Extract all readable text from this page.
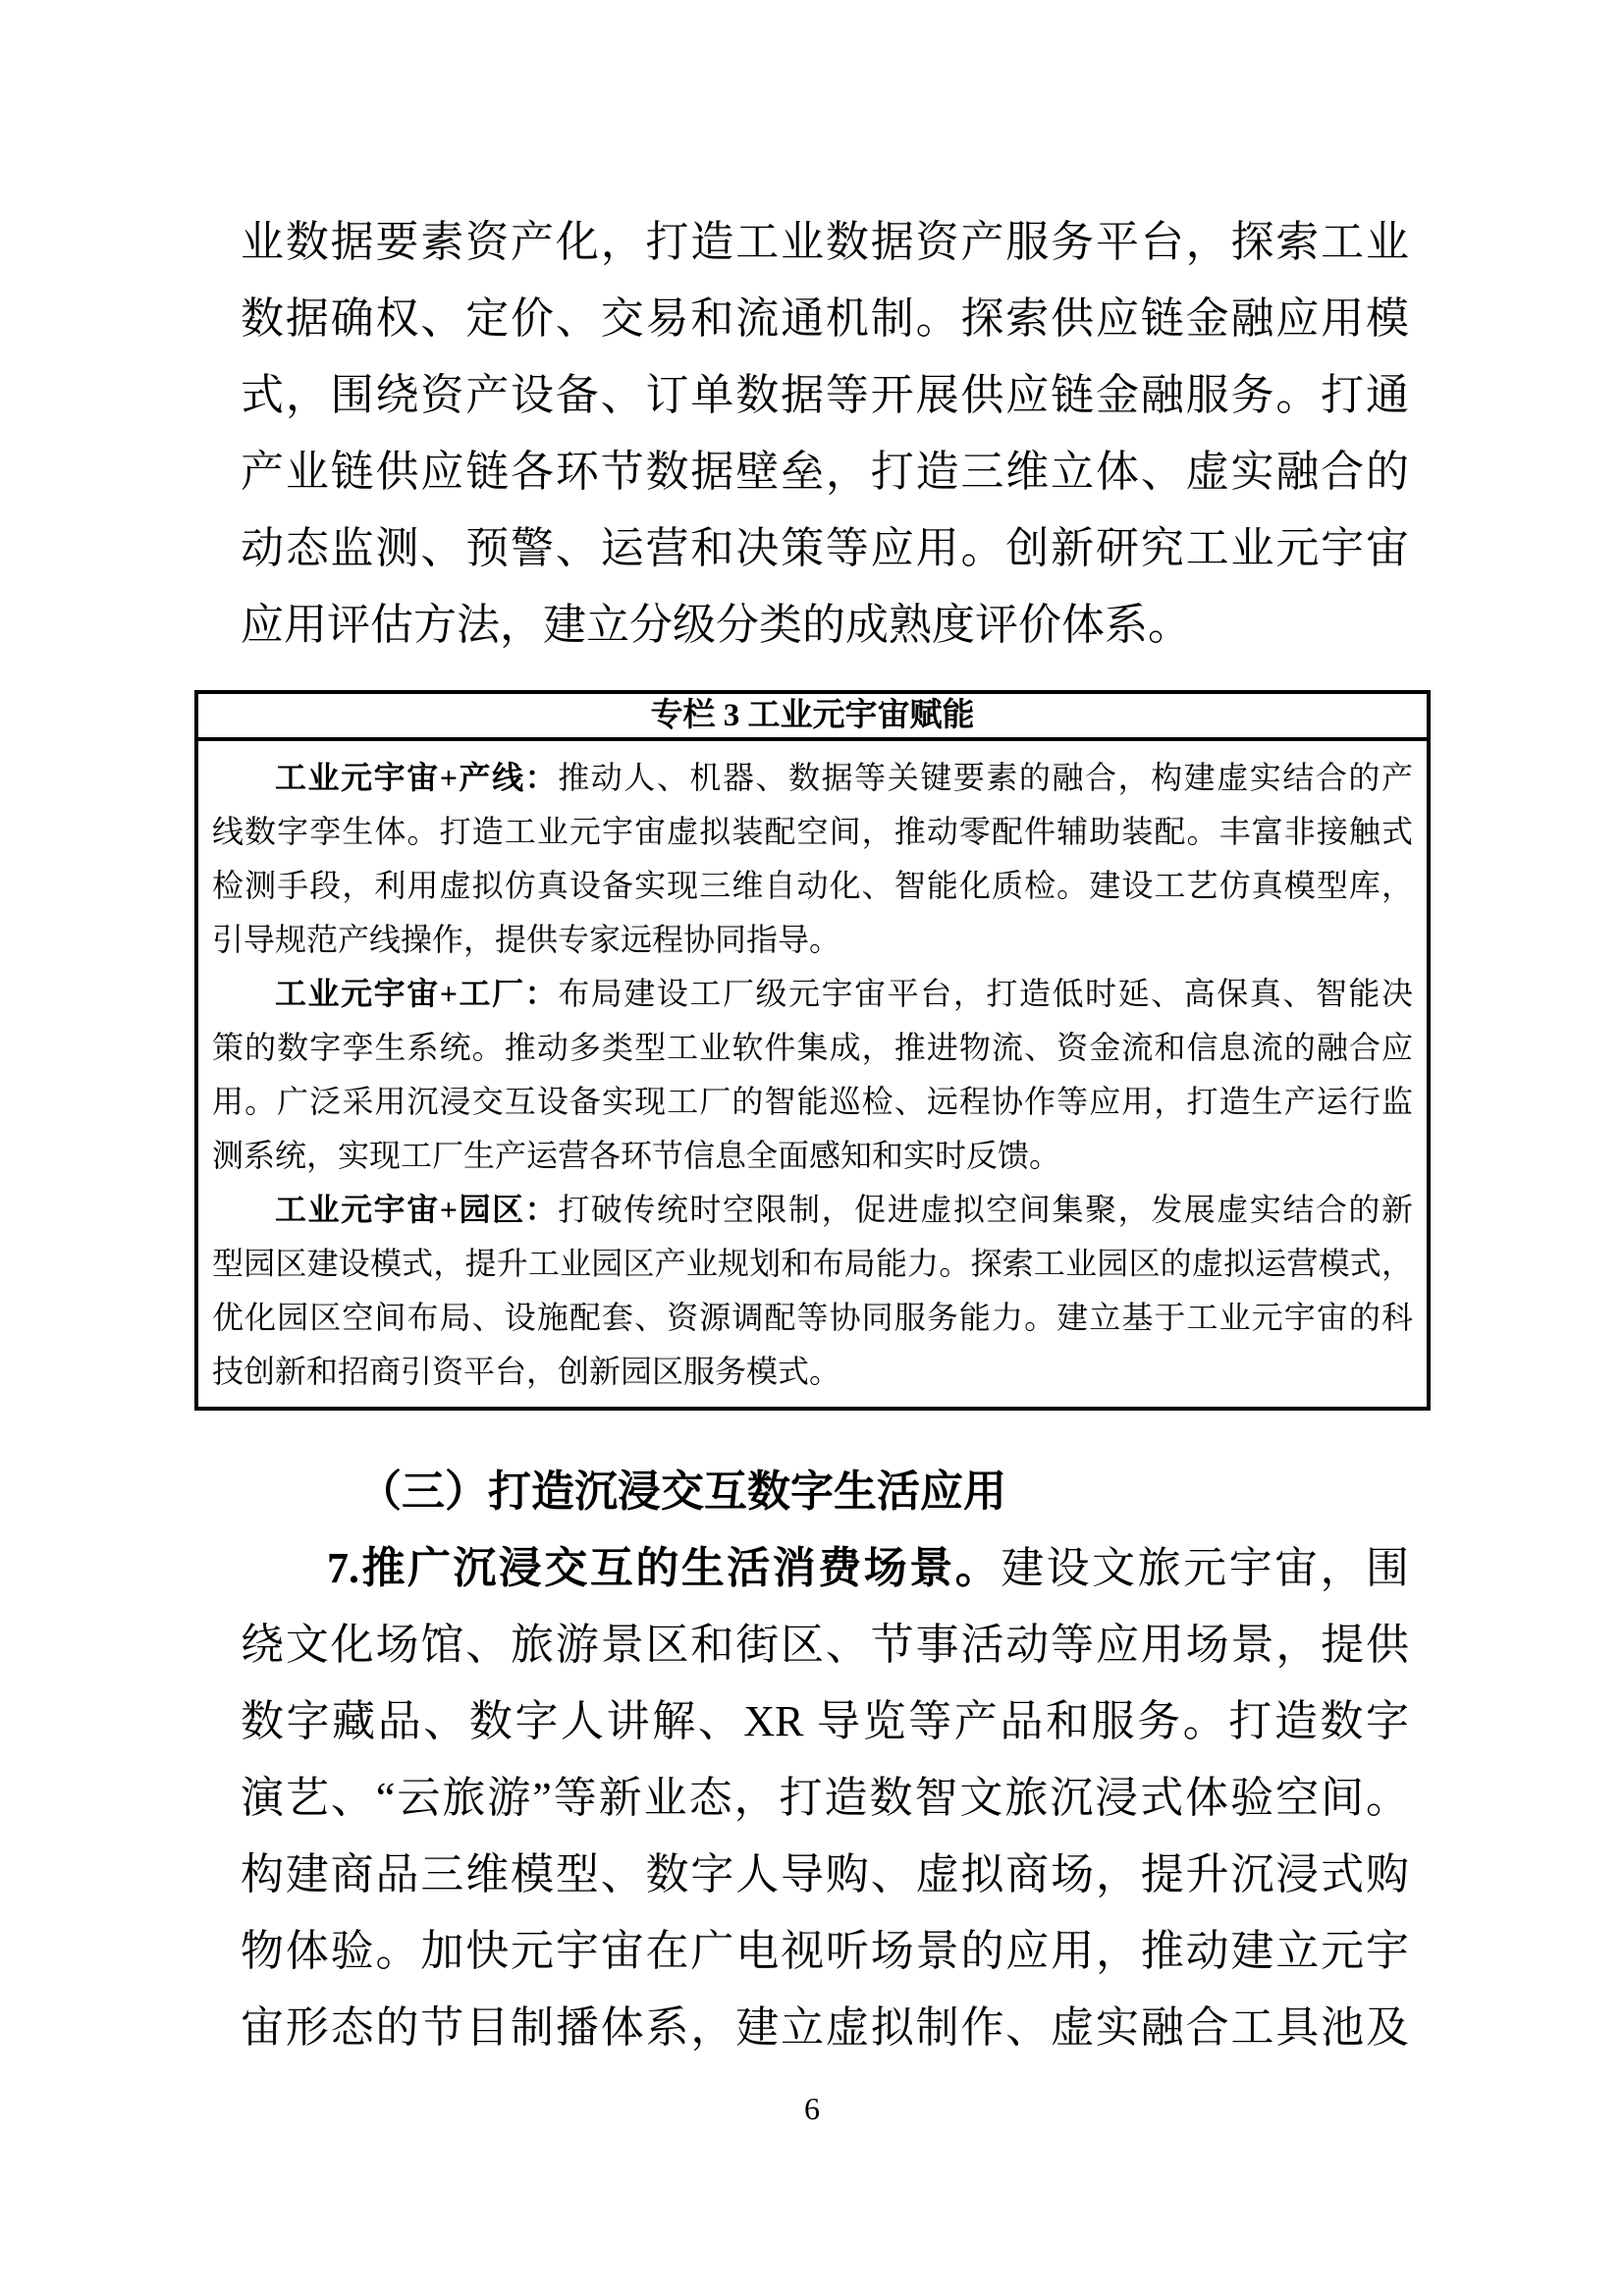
业数据要素资产化，打造工业数据资产服务平台，探索工业
数据确权、定价、交易和流通机制。探索供应链金融应用模
式，围绕资产设备、订单数据等开展供应链金融服务。打通
产业链供应链各环节数据壁垒，打造三维立体、虚实融合的
动态监测、预警、运营和决策等应用。创新研究工业元宇宙
应用评估方法，建立分级分类的成熟度评价体系。
专栏 3 工业元宇宙赋能
工业元宇宙+产线：推动人、机器、数据等关键要素的融合，构建虚实结合的产
线数字孪生体。打造工业元宇宙虚拟装配空间，推动零配件辅助装配。丰富非接触式
检测手段，利用虚拟仿真设备实现三维自动化、智能化质检。建设工艺仿真模型库，
引导规范产线操作，提供专家远程协同指导。
工业元宇宙+工厂：布局建设工厂级元宇宙平台，打造低时延、高保真、智能决
策的数字孪生系统。推动多类型工业软件集成，推进物流、资金流和信息流的融合应
用。广泛采用沉浸交互设备实现工厂的智能巡检、远程协作等应用，打造生产运行监
测系统，实现工厂生产运营各环节信息全面感知和实时反馈。
工业元宇宙+园区：打破传统时空限制，促进虚拟空间集聚，发展虚实结合的新
型园区建设模式，提升工业园区产业规划和布局能力。探索工业园区的虚拟运营模式，
优化园区空间布局、设施配套、资源调配等协同服务能力。建立基于工业元宇宙的科
技创新和招商引资平台，创新园区服务模式。
（三）打造沉浸交互数字生活应用
7.推广沉浸交互的生活消费场景。建设文旅元宇宙，围
绕文化场馆、旅游景区和街区、节事活动等应用场景，提供
数字藏品、数字人讲解、XR 导览等产品和服务。打造数字
演艺、“云旅游”等新业态，打造数智文旅沉浸式体验空间。
构建商品三维模型、数字人导购、虚拟商场，提升沉浸式购
物体验。加快元宇宙在广电视听场景的应用，推动建立元宇
宙形态的节目制播体系，建立虚拟制作、虚实融合工具池及
6
